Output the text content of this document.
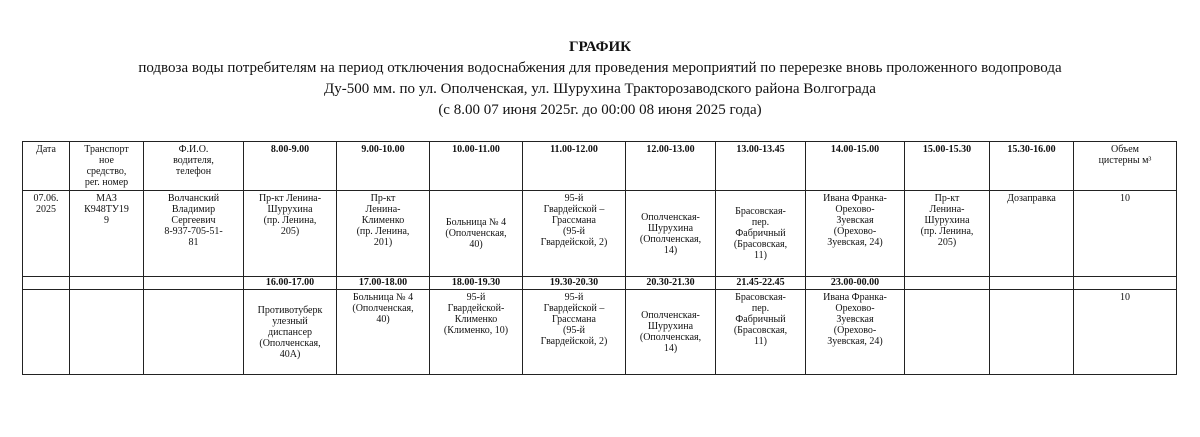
ГРАФИК
подвоза воды потребителям на период отключения водоснабжения для проведения мероприятий по перерезке вновь проложенного водопровода
Ду-500 мм. по ул. Ополченская, ул. Шурухина Тракторозаводского района Волгограда
(с 8.00 07 июня 2025г. до 00:00 08 июня 2025 года)
Дата	Транспорт
ное
средство,
рег. номер	Ф.И.О.
водителя,
телефон	8.00-9.00	9.00-10.00	10.00-11.00	11.00-12.00	12.00-13.00	13.00-13.45	14.00-15.00	15.00-15.30	15.30-16.00	Объем
цистерны м³
07.06.
2025	МАЗ
К948ТУ19
9	Волчанский
Владимир
Сергеевич
8-937-705-51-
81	Пр-кт Ленина-
Шурухина
(пр. Ленина,
205)	Пр-кт
Ленина-
Клименко
(пр. Ленина,
201)	Больница № 4
(Ополченская,
40)	95-й
Гвардейской –
Грассмана
(95-й
Гвардейской, 2)	Ополченская-
Шурухина
(Ополченская,
14)	Брасовская-
пер.
Фабричный
(Брасовская,
11)	Ивана Франка-
Орехово-
Зуевская
(Орехово-
Зуевская, 24)	Пр-кт
Ленина-
Шурухина
(пр. Ленина,
205)	Дозаправка	10
			16.00-17.00	17.00-18.00	18.00-19.30	19.30-20.30	20.30-21.30	21.45-22.45	23.00-00.00			
			Противотуберк
улезный
диспансер
(Ополченская,
40А)	Больница № 4
(Ополченская,
40)	95-й
Гвардейской-
Клименко
(Клименко, 10)	95-й
Гвардейской –
Грассмана
(95-й
Гвардейской, 2)	Ополченская-
Шурухина
(Ополченская,
14)	Брасовская-
пер.
Фабричный
(Брасовская,
11)	Ивана Франка-
Орехово-
Зуевская
(Орехово-
Зуевская, 24)			10
